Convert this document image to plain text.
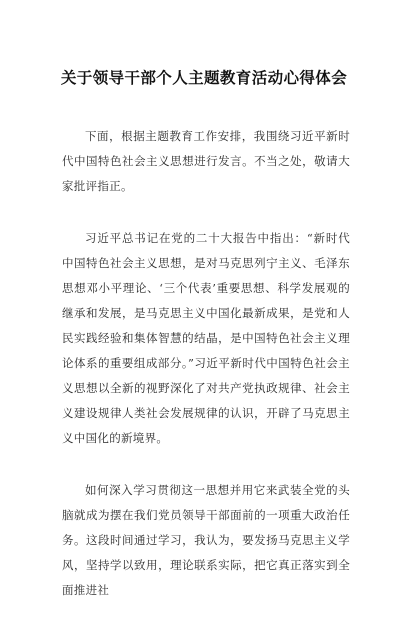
关于领导干部个人主题教育活动心得体会

下面，根据主题教育工作安排，我围绕习近平新时代中国特色社会主义思想进行发言。不当之处，敬请大家批评指正。

习近平总书记在党的二十大报告中指出：“新时代中国特色社会主义思想，是对马克思列宁主义、毛泽东思想邓小平理论、‘三个代表’重要思想、科学发展观的继承和发展，是马克思主义中国化最新成果，是党和人民实践经验和集体智慧的结晶，是中国特色社会主义理论体系的重要组成部分。”习近平新时代中国特色社会主义思想以全新的视野深化了对共产党执政规律、社会主义建设规律人类社会发展规律的认识，开辟了马克思主义中国化的新境界。

如何深入学习贯彻这一思想并用它来武装全党的头脑就成为摆在我们党员领导干部面前的一项重大政治任务。这段时间通过学习，我认为，要发扬马克思主义学风，坚持学以致用，理论联系实际，把它真正落实到全面推进社
